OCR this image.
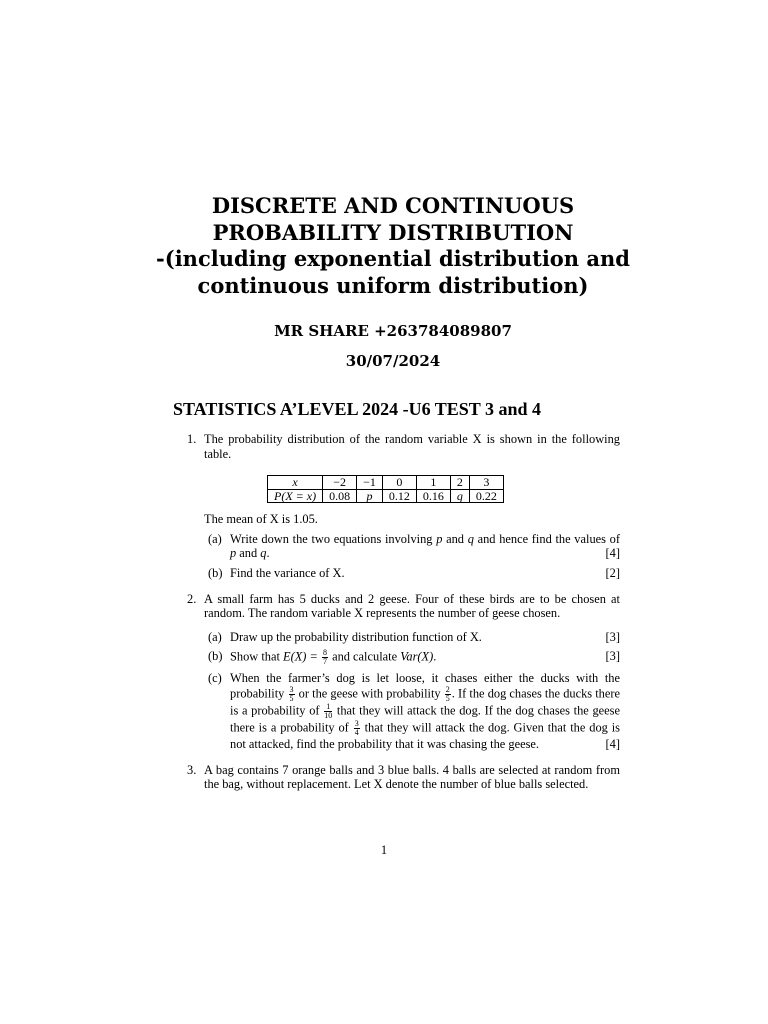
DISCRETE AND CONTINUOUS
PROBABILITY DISTRIBUTION
-(including exponential distribution and
continuous uniform distribution)
MR SHARE +263784089807
30/07/2024
STATISTICS A’LEVEL 2024 -U6 TEST 3 and 4
1. The probability distribution of the random variable X is shown in the following table.
x	−2	−1	0	1	2	3
P(X = x)	0.08	p	0.12	0.16	q	0.22
The mean of X is 1.05.
(a) Write down the two equations involving p and q and hence find the values of p and q.	[4]
(b) Find the variance of X.	[2]
2. A small farm has 5 ducks and 2 geese. Four of these birds are to be chosen at random. The random variable X represents the number of geese chosen.
(a) Draw up the probability distribution function of X.	[3]
(b) Show that $E(X) = \frac{8}{7}$ and calculate Var(X).	[3]
(c) When the farmer’s dog is let loose, it chases either the ducks with the probability $\frac{3}{5}$ or the geese with probability $\frac{2}{5}$ . If the dog chases the ducks there is a probability of $\frac{1}{10}$ that they will attack the dog. If the dog chases the geese there is a probability of $\frac{3}{4}$ that they will attack the dog. Given that the dog is not attacked, find the probability that it was chasing the geese.	[4]
3. A bag contains 7 orange balls and 3 blue balls. 4 balls are selected at random from the bag, without replacement. Let X denote the number of blue balls selected.
1
